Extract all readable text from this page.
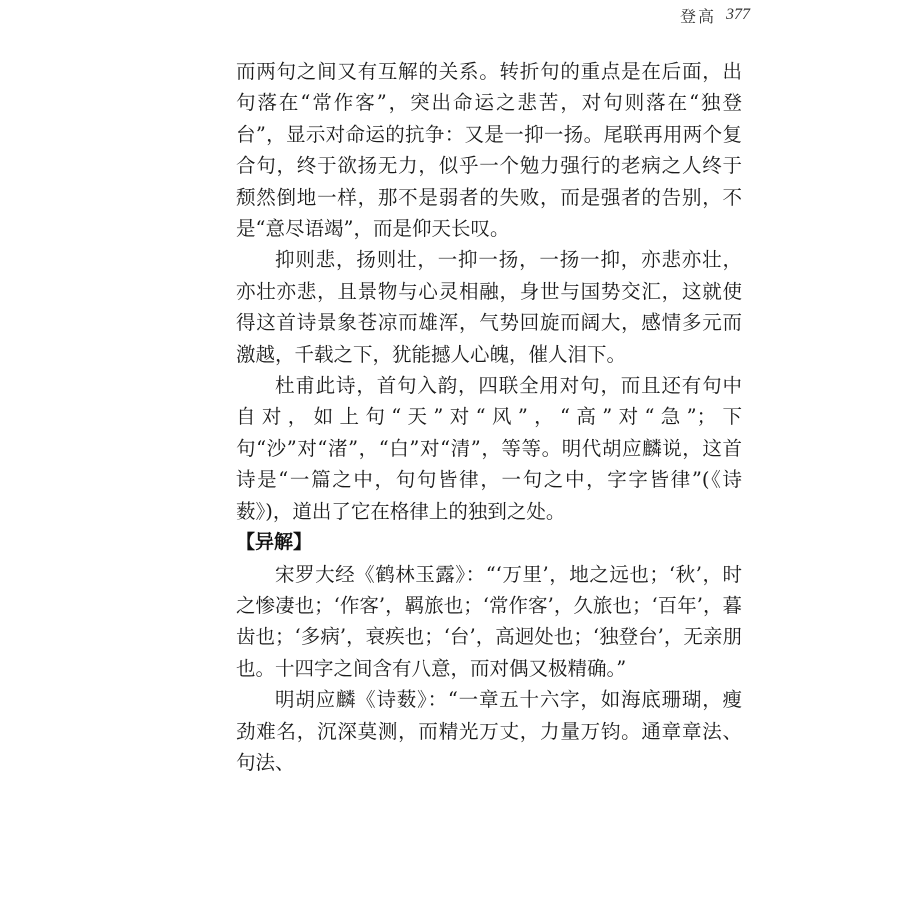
登高 377

而两句之间又有互解的关系。转折句的重点是在后面，出句落在“常作客”，突出命运之悲苦，对句则落在“独登台”，显示对命运的抗争：又是一抑一扬。尾联再用两个复合句，终于欲扬无力，似乎一个勉力强行的老病之人终于颓然倒地一样，那不是弱者的失败，而是强者的告别，不是“意尽语竭”，而是仰天长叹。

抑则悲，扬则壮，一抑一扬，一扬一抑，亦悲亦壮，亦壮亦悲，且景物与心灵相融，身世与国势交汇，这就使得这首诗景象苍凉而雄浑，气势回旋而阔大，感情多元而激越，千载之下，犹能撼人心魄，催人泪下。

杜甫此诗，首句入韵，四联全用对句，而且还有句中自对，如上句“天”对“风”，“高”对“急”；下句“沙”对“渚”，“白”对“清”，等等。明代胡应麟说，这首诗是“一篇之中，句句皆律，一句之中，字字皆律”(《诗薮》)，道出了它在格律上的独到之处。

【异解】

宋罗大经《鹤林玉露》：“‘万里’，地之远也；‘秋’，时之惨凄也；‘作客’，羁旅也；‘常作客’，久旅也；‘百年’，暮齿也；‘多病’，衰疾也；‘台’，高迥处也；‘独登台’，无亲朋也。十四字之间含有八意，而对偶又极精确。”

明胡应麟《诗薮》：“一章五十六字，如海底珊瑚，瘦劲难名，沉深莫测，而精光万丈，力量万钧。通章章法、句法、
